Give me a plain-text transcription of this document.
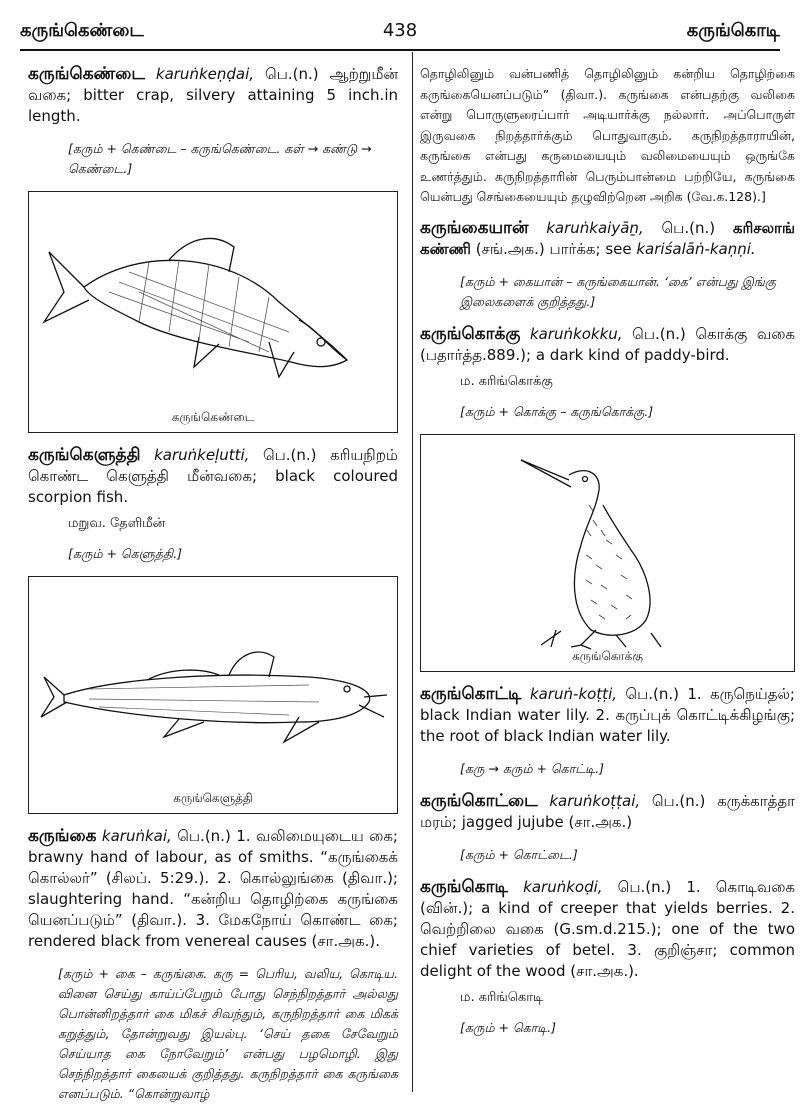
கருங்கெண்டை	438	கருங்கொடி

கருங்கெண்டை karuṅkeṇḍai, பெ.(n.) ஆற்றுமீன் வகை; bitter crap, silvery attaining 5 inch.in length.

[கரும் + கெண்டை – கருங்கெண்டை. கள் → கண்டு → கெண்டை.]

கருங்கெண்டை

கருங்கெளுத்தி karuṅkeḷutti, பெ.(n.) கரியநிறம் கொண்ட கெளுத்தி மீன்வகை; black coloured scorpion fish.

மறுவ. தேளிமீன்

[கரும் + கெளுத்தி.]

கருங்கெளுத்தி

கருங்கை karuṅkai, பெ.(n.) 1. வலிமையுடைய கை; brawny hand of labour, as of smiths. “கருங்கைக் கொல்லர்” (சிலப். 5:29.). 2. கொல்லுங்கை (திவா.); slaughtering hand. “கன்றிய தொழிற்கை கருங்கை யெனப்படும்” (திவா.). 3. மேகநோய் கொண்ட கை; rendered black from venereal causes (சா.அக.).

[கரும் + கை – கருங்கை. கரு = பெரிய, வலிய, கொடிய. வினை செய்து காய்ப்பேறும் போது செந்நிறத்தார் அல்லது பொன்னிறத்தார் கை மிகச் சிவந்தும், கருநிறத்தார் கை மிகக் கறுத்தும், தோன்றுவது இயல்பு. ‘செய் தகை சேவேறும் செய்யாத கை நோவேறும்’ என்பது பழமொழி. இது செந்நிறத்தார் கையைக் குறித்தது. கருநிறத்தார் கை கருங்கை எனப்படும். “கொன்றுவாழ்

தொழிலினும் வன்பணித் தொழிலினும் கன்றிய தொழிற்கை கருங்கையெனப்படும்” (திவா.). கருங்கை என்பதற்கு வலிகை என்று பொருளுரைப்பார் அடியார்க்கு நல்லார். அப்பொருள் இருவகை நிறத்தார்க்கும் பொதுவாகும். கருநிறத்தாராயின், கருங்கை என்பது கருமையையும் வலிமையையும் ஒருங்கே உணர்த்தும். கருநிறத்தாரின் பெரும்பான்மை பற்றியே, கருங்கை யென்பது செங்கையையும் தழுவிற்றென அறிக (வே.க.128).]

கருங்கையான் karuṅkaiyāṉ, பெ.(n.) கரிசலாங் கண்ணி (சங்.அக.) பார்க்க; see kariśalāṅ-kaṇṇi.

[கரும் + கையான் – கருங்கையான். ‘கை’ என்பது இங்கு இலைகளைக் குறித்தது.]

கருங்கொக்கு karuṅkokku, பெ.(n.) கொக்கு வகை (பதார்த்த.889.); a dark kind of paddy-bird.

ம. கரிங்கொக்கு

[கரும் + கொக்கு – கருங்கொக்கு.]

கருங்கொக்கு

கருங்கொட்டி karuṅ-koṭṭi, பெ.(n.) 1. கருநெய்தல்; black Indian water lily. 2. கருப்புக் கொட்டிக்கிழங்கு; the root of black Indian water lily.

[கரு → கரும் + கொட்டி.]

கருங்கொட்டை karuṅkoṭṭai, பெ.(n.) கருக்காத்தா மரம்; jagged jujube (சா.அக.)

[கரும் + கொட்டை.]

கருங்கொடி karuṅkoḍi, பெ.(n.) 1. கொடிவகை (வின்.); a kind of creeper that yields berries. 2. வெற்றிலை வகை (G.sm.d.215.); one of the two chief varieties of betel. 3. குறிஞ்சா; common delight of the wood (சா.அக.).

ம. கரிங்கொடி

[கரும் + கொடி.]
